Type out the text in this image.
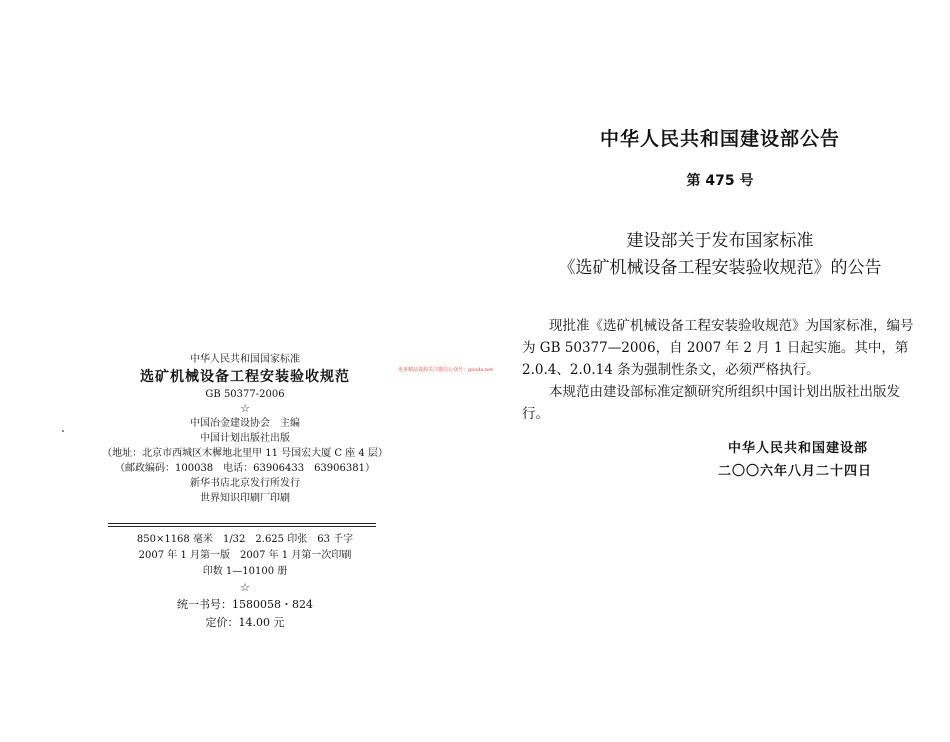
中华人民共和国国家标准
选矿机械设备工程安装验收规范
GB 50377-2006
☆
中国冶金建设协会　主编
中国计划出版社出版
（地址：北京市西城区木樨地北里甲 11 号国宏大厦 C 座 4 层）
（邮政编码：100038　电话：63906433　63906381）
新华书店北京发行所发行
世界知识印刷厂印刷
850×1168 毫米　1/32　2.625 印张　63 千字
2007 年 1 月第一版　2007 年 1 月第一次印刷
印数 1—10100 册
☆
统一书号：1580058・824
定价：14.00 元
更多精品资源关注微信公众号：gooda.net
中华人民共和国建设部公告
第 475 号
建设部关于发布国家标准
《选矿机械设备工程安装验收规范》的公告

现批准《选矿机械设备工程安装验收规范》为国家标准，编号为 GB 50377—2006，自 2007 年 2 月 1 日起实施。其中，第 2.0.4、2.0.14 条为强制性条文，必须严格执行。

本规范由建设部标准定额研究所组织中国计划出版社出版发行。

中华人民共和国建设部
二〇〇六年八月二十四日
